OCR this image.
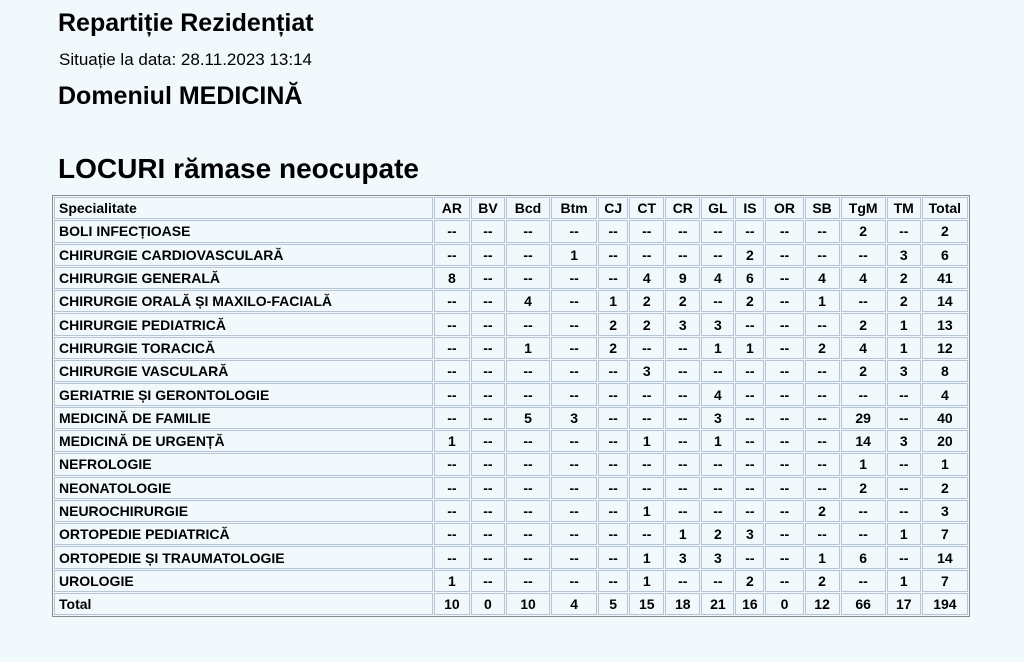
Repartiție Rezidențiat
Situație la data: 28.11.2023 13:14
Domeniul MEDICINĂ
LOCURI rămase neocupate
Specialitate	AR	BV	Bcd	Btm	CJ	CT	CR	GL	IS	OR	SB	TgM	TM	Total
BOLI INFECȚIOASE	--	--	--	--	--	--	--	--	--	--	--	2	--	2
CHIRURGIE CARDIOVASCULARĂ	--	--	--	1	--	--	--	--	2	--	--	--	3	6
CHIRURGIE GENERALĂ	8	--	--	--	--	4	9	4	6	--	4	4	2	41
CHIRURGIE ORALĂ ȘI MAXILO-FACIALĂ	--	--	4	--	1	2	2	--	2	--	1	--	2	14
CHIRURGIE PEDIATRICĂ	--	--	--	--	2	2	3	3	--	--	--	2	1	13
CHIRURGIE TORACICĂ	--	--	1	--	2	--	--	1	1	--	2	4	1	12
CHIRURGIE VASCULARĂ	--	--	--	--	--	3	--	--	--	--	--	2	3	8
GERIATRIE ȘI GERONTOLOGIE	--	--	--	--	--	--	--	4	--	--	--	--	--	4
MEDICINĂ DE FAMILIE	--	--	5	3	--	--	--	3	--	--	--	29	--	40
MEDICINĂ DE URGENȚĂ	1	--	--	--	--	1	--	1	--	--	--	14	3	20
NEFROLOGIE	--	--	--	--	--	--	--	--	--	--	--	1	--	1
NEONATOLOGIE	--	--	--	--	--	--	--	--	--	--	--	2	--	2
NEUROCHIRURGIE	--	--	--	--	--	1	--	--	--	--	2	--	--	3
ORTOPEDIE PEDIATRICĂ	--	--	--	--	--	--	1	2	3	--	--	--	1	7
ORTOPEDIE ȘI TRAUMATOLOGIE	--	--	--	--	--	1	3	3	--	--	1	6	--	14
UROLOGIE	1	--	--	--	--	1	--	--	2	--	2	--	1	7
Total	10	0	10	4	5	15	18	21	16	0	12	66	17	194
